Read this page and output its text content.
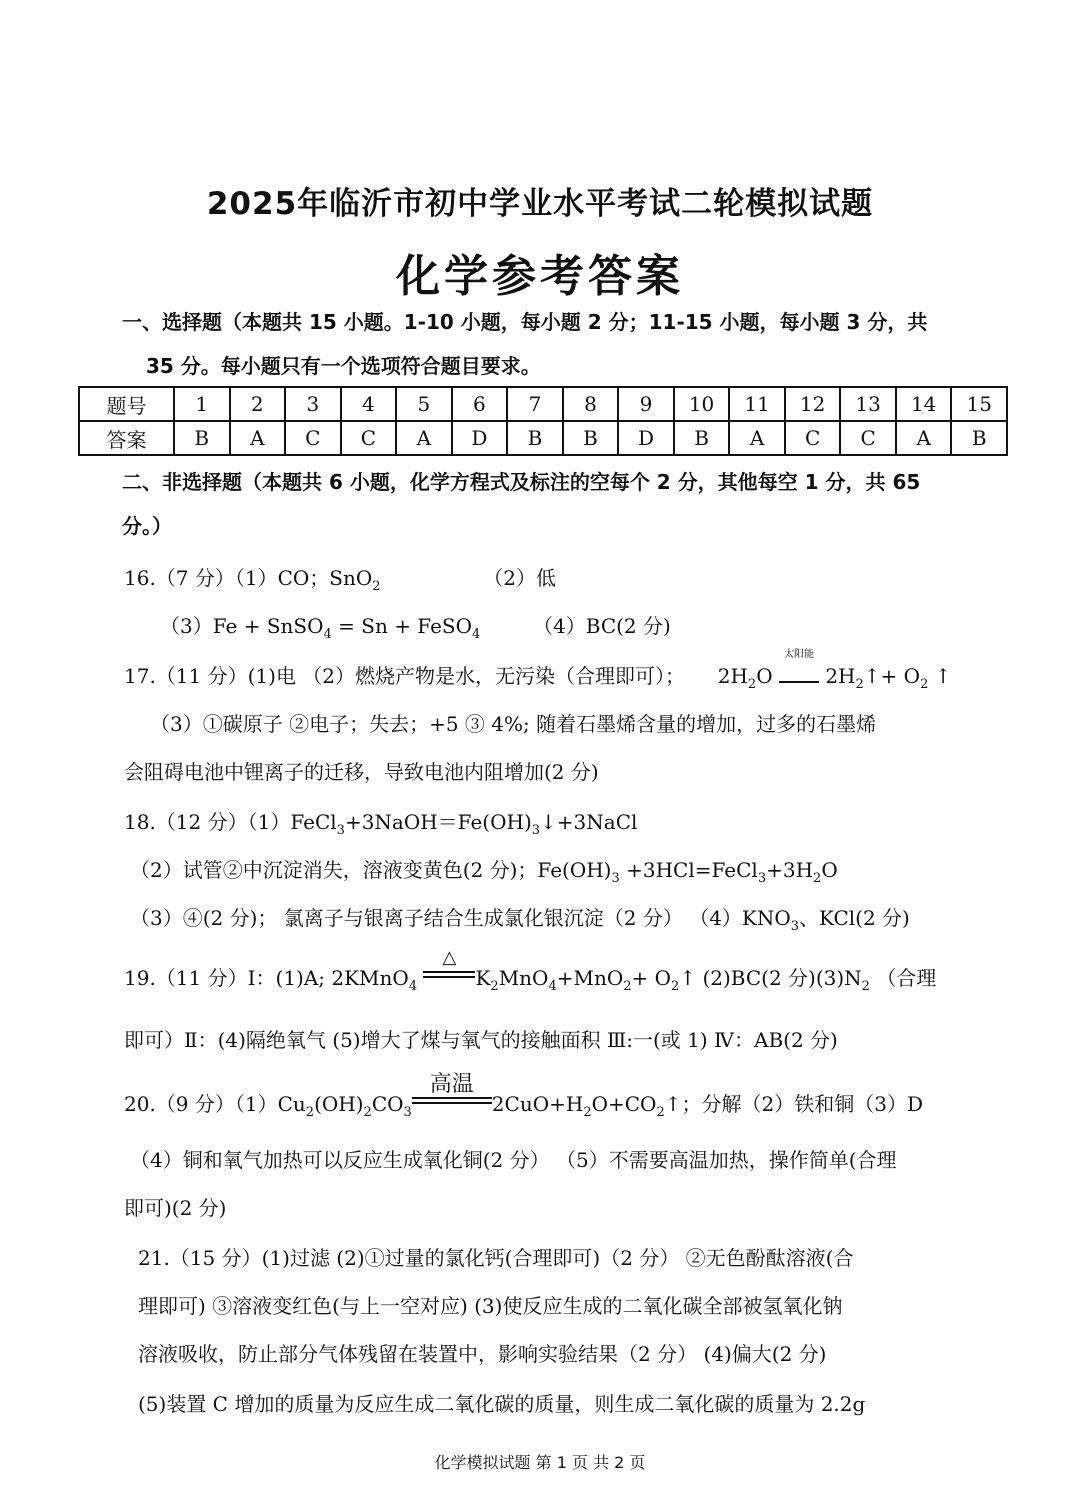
2025年临沂市初中学业水平考试二轮模拟试题
化学参考答案
一、选择题（本题共 15 小题。1-10 小题，每小题 2 分；11-15 小题，每小题 3 分，共
35 分。每小题只有一个选项符合题目要求。
题号	1	2	3	4	5	6	7	8	9	10	11	12	13	14	15
答案	B	A	C	C	A	D	B	B	D	B	A	C	C	A	B
二、非选择题（本题共 6 小题，化学方程式及标注的空每个 2 分，其他每空 1 分，共 65
分。）
16.（7 分）（1）CO；SnO$_2$	（2）低
（3）Fe + SnSO$_4$ = Sn + FeSO$_4$	（4）BC(2 分)
17.（11 分）(1)电 （2）燃烧产物是水，无污染（合理即可）； $2H_2O$
太阳能
$2H_2↑+ O_2$ ↑
（3）①碳原子 ②电子；失去；+5 ③ 4%; 随着石墨烯含量的增加，过多的石墨烯
会阻碍电池中锂离子的迁移，导致电池内阻增加(2 分)
18.（12 分）$(1)FeCl_3+3NaOH=Fe(OH)_3↓+3NaCl$
（2）试管②中沉淀消失，溶液变黄色(2 分)；$Fe(OH)_3$ $+3HCl=FeCl_3+3H_2O$
（3）④(2 分)； 氯离子与银离子结合生成氯化银沉淀（2 分） $(4)KNO_3$、KCl(2 分)
19.（11 分）Ⅰ：(1)A; 2KMnO$_4$
△
$K_2MnO_4+MnO_2+$ $O_2↑$ (2)BC(2 分)$(3)N_2$ （合理
即可）Ⅱ：(4)隔绝氧气 (5)增大了煤与氧气的接触面积 Ⅲ:一(或 1) Ⅳ：AB(2 分)
20.（9 分）$(1)Cu_2(OH)_2CO_3$
高温
$2CuO+H_2O+CO_2↑$；分解（2）铁和铜（3）D
（4）铜和氧气加热可以反应生成氧化铜(2 分） （5）不需要高温加热，操作简单(合理
即可)(2 分)
21.（15 分）(1)过滤 (2)①过量的氯化钙(合理即可)（2 分） ②无色酚酞溶液(合
理即可) ③溶液变红色(与上一空对应) (3)使反应生成的二氧化碳全部被氢氧化钠
溶液吸收，防止部分气体残留在装置中，影响实验结果（2 分） (4)偏大(2 分)
(5)装置 C 增加的质量为反应生成二氧化碳的质量，则生成二氧化碳的质量为 2.2g
化学模拟试题 第 1 页 共 2 页
